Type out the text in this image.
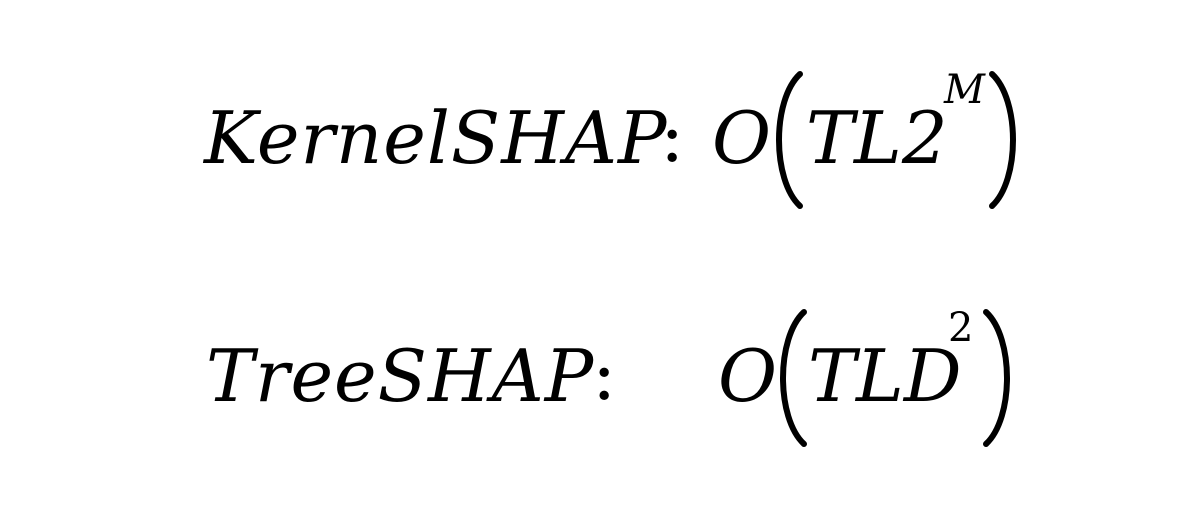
KernelSHAP
: O TL2
M
TreeSHAP
: O TLD
2
